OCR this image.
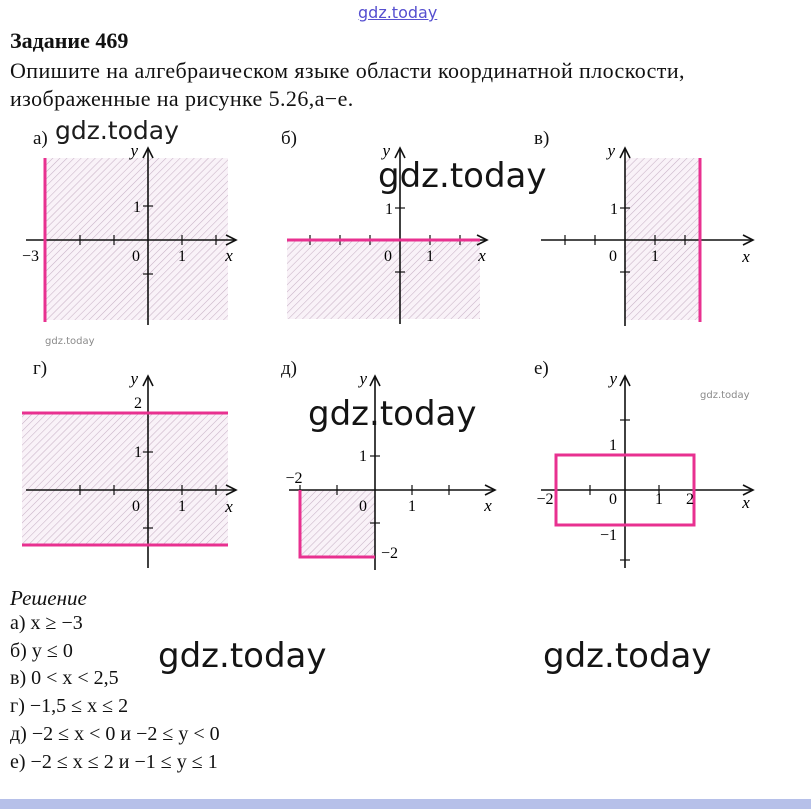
gdz.today
Задание 469
Опишите на алгебраическом языке области координатной плоскости,
изображенные на рисунке 5.26,а−е.
gdz.today
gdz.today
gdz.today
gdz.today	gdz.today
gdz.today	gdz.today
а)	б)	в)
г)	д)	е)
−3	0 1
1
y
x	0 1
1
y
x	0 1
1
y
x
2
1
0 1
y
x
−2
1
0	1
−2
y
x	−2	0 1 2
1
−1
y
x
Решение
а) x ≥ −3
б) y ≤ 0
в) 0 < x < 2,5
г) −1,5 ≤ x ≤ 2
д) −2 ≤ x < 0 и −2 ≤ y < 0
е) −2 ≤ x ≤ 2 и −1 ≤ y ≤ 1
